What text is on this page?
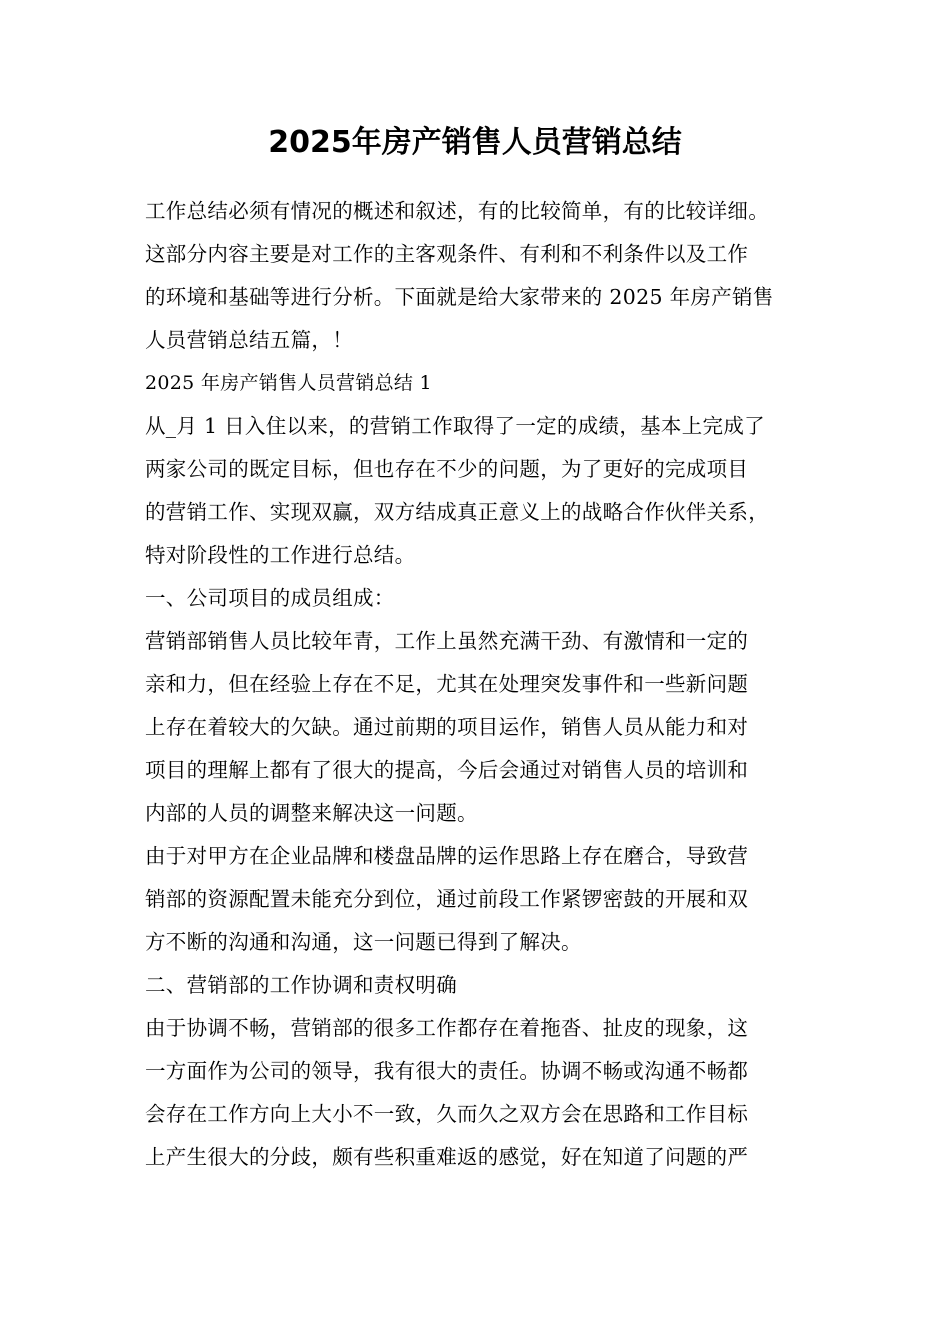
2025年房产销售人员营销总结

工作总结必须有情况的概述和叙述，有的比较简单，有的比较详细。
这部分内容主要是对工作的主客观条件、有利和不利条件以及工作
的环境和基础等进行分析。下面就是给大家带来的 2025 年房产销售
人员营销总结五篇，！

2025 年房产销售人员营销总结 1

从_月 1 日入住以来，的营销工作取得了一定的成绩，基本上完成了
两家公司的既定目标，但也存在不少的问题，为了更好的完成项目
的营销工作、实现双赢，双方结成真正意义上的战略合作伙伴关系，
特对阶段性的工作进行总结。

一、公司项目的成员组成：

营销部销售人员比较年青，工作上虽然充满干劲、有激情和一定的
亲和力，但在经验上存在不足，尤其在处理突发事件和一些新问题
上存在着较大的欠缺。通过前期的项目运作，销售人员从能力和对
项目的理解上都有了很大的提高，今后会通过对销售人员的培训和
内部的人员的调整来解决这一问题。

由于对甲方在企业品牌和楼盘品牌的运作思路上存在磨合，导致营
销部的资源配置未能充分到位，通过前段工作紧锣密鼓的开展和双
方不断的沟通和沟通，这一问题已得到了解决。

二、营销部的工作协调和责权明确

由于协调不畅，营销部的很多工作都存在着拖沓、扯皮的现象，这
一方面作为公司的领导，我有很大的责任。协调不畅或沟通不畅都
会存在工作方向上大小不一致，久而久之双方会在思路和工作目标
上产生很大的分歧，颇有些积重难返的感觉，好在知道了问题的严
